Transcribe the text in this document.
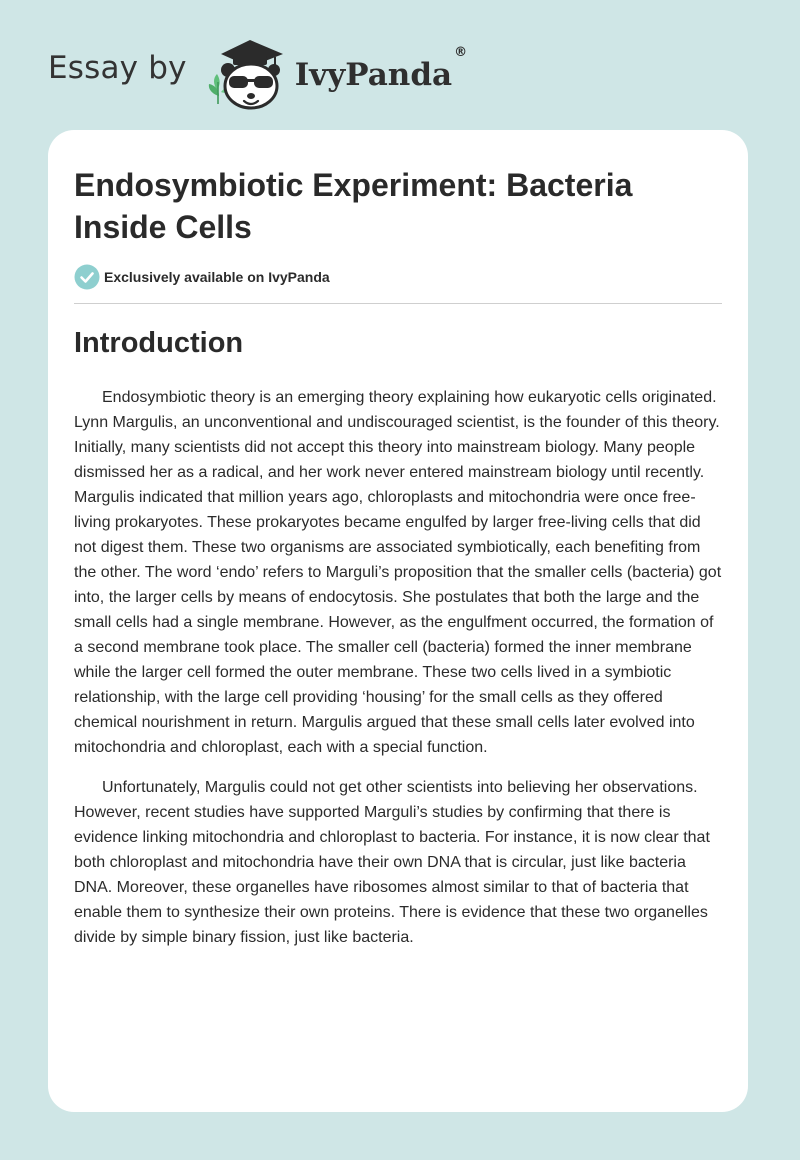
Essay by	IvyPanda®
Endosymbiotic Experiment: Bacteria Inside Cells
Exclusively available on IvyPanda
Introduction

Endosymbiotic theory is an emerging theory explaining how eukaryotic cells originated. Lynn Margulis, an unconventional and undiscouraged scientist, is the founder of this theory. Initially, many scientists did not accept this theory into mainstream biology. Many people dismissed her as a radical, and her work never entered mainstream biology until recently. Margulis indicated that million years ago, chloroplasts and mitochondria were once free-living prokaryotes. These prokaryotes became engulfed by larger free-living cells that did not digest them. These two organisms are associated symbiotically, each benefiting from the other. The word ‘endo’ refers to Marguli’s proposition that the smaller cells (bacteria) got into, the larger cells by means of endocytosis. She postulates that both the large and the small cells had a single membrane. However, as the engulfment occurred, the formation of a second membrane took place. The smaller cell (bacteria) formed the inner membrane while the larger cell formed the outer membrane. These two cells lived in a symbiotic relationship, with the large cell providing ‘housing’ for the small cells as they offered chemical nourishment in return. Margulis argued that these small cells later evolved into mitochondria and chloroplast, each with a special function.

Unfortunately, Margulis could not get other scientists into believing her observations. However, recent studies have supported Marguli’s studies by confirming that there is evidence linking mitochondria and chloroplast to bacteria. For instance, it is now clear that both chloroplast and mitochondria have their own DNA that is circular, just like bacteria DNA. Moreover, these organelles have ribosomes almost similar to that of bacteria that enable them to synthesize their own proteins. There is evidence that these two organelles divide by simple binary fission, just like bacteria.
